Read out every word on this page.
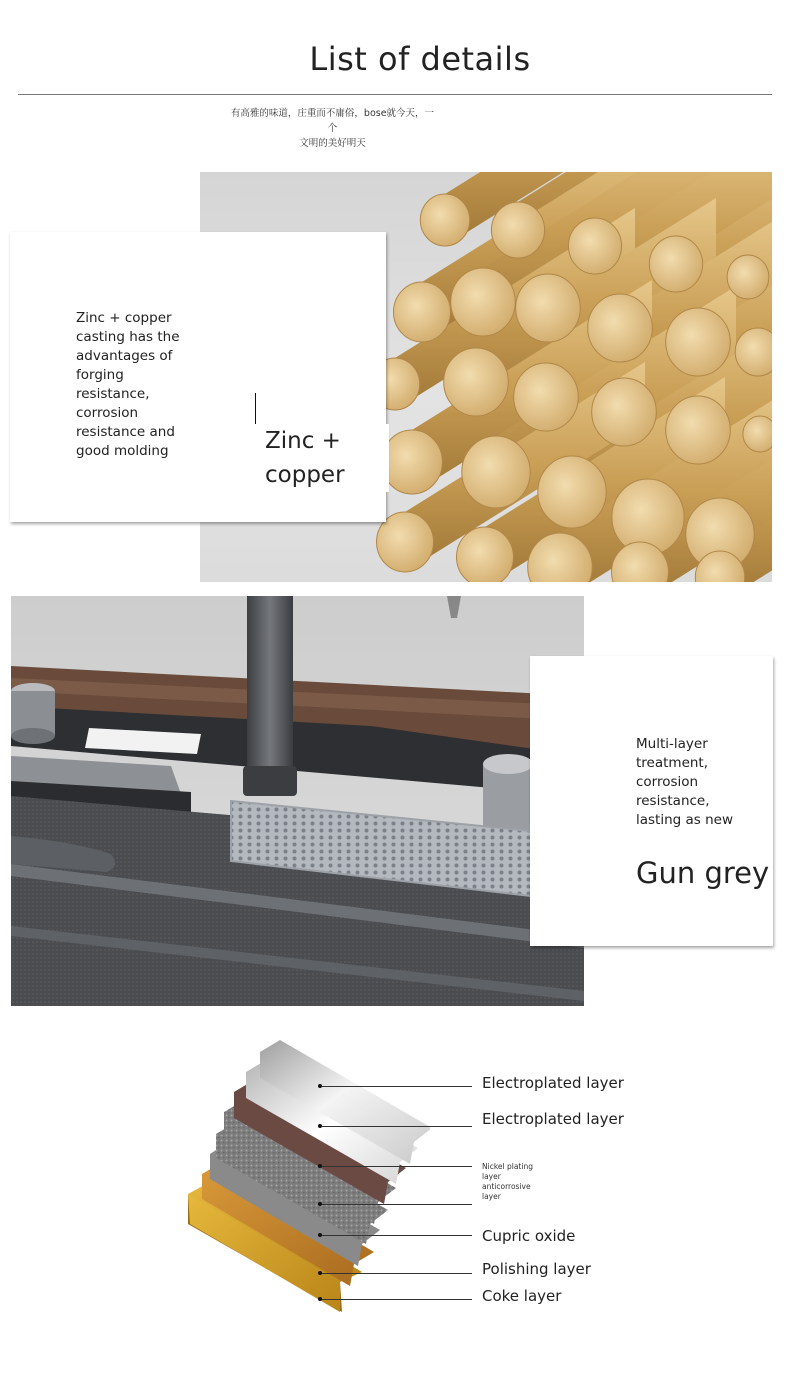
List of details
有高雅的味道，庄重而不庸俗，bose就今天，一个
文明的美好明天
Zinc + copper casting has the advantages of forging resistance, corrosion resistance and good molding	Zinc +
copper
Multi-layer treatment, corrosion resistance, lasting as new
Gun grey
Electroplated layer
Electroplated layer
Nickel plating layer anticorrosive layer
Cupric oxide
Polishing layer
Coke layer
